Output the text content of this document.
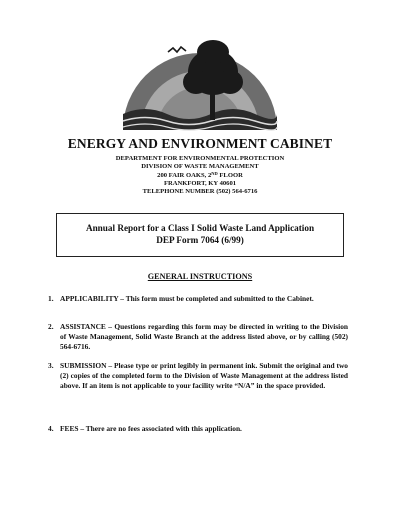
ENERGY AND ENVIRONMENT CABINET
DEPARTMENT FOR ENVIRONMENTAL PROTECTION
DIVISION OF WASTE MANAGEMENT
200 FAIR OAKS, 2ND FLOOR
FRANKFORT, KY 40601
TELEPHONE NUMBER (502) 564-6716
Annual Report for a Class I Solid Waste Land Application
DEP Form 7064 (6/99)
GENERAL INSTRUCTIONS
1. APPLICABILITY – This form must be completed and submitted to the Cabinet.
2. ASSISTANCE – Questions regarding this form may be directed in writing to the Division of Waste Management, Solid Waste Branch at the address listed above, or by calling (502) 564-6716.
3. SUBMISSION – Please type or print legibly in permanent ink. Submit the original and two (2) copies of the completed form to the Division of Waste Management at the address listed above. If an item is not applicable to your facility write “N/A” in the space provided.
4. FEES – There are no fees associated with this application.
